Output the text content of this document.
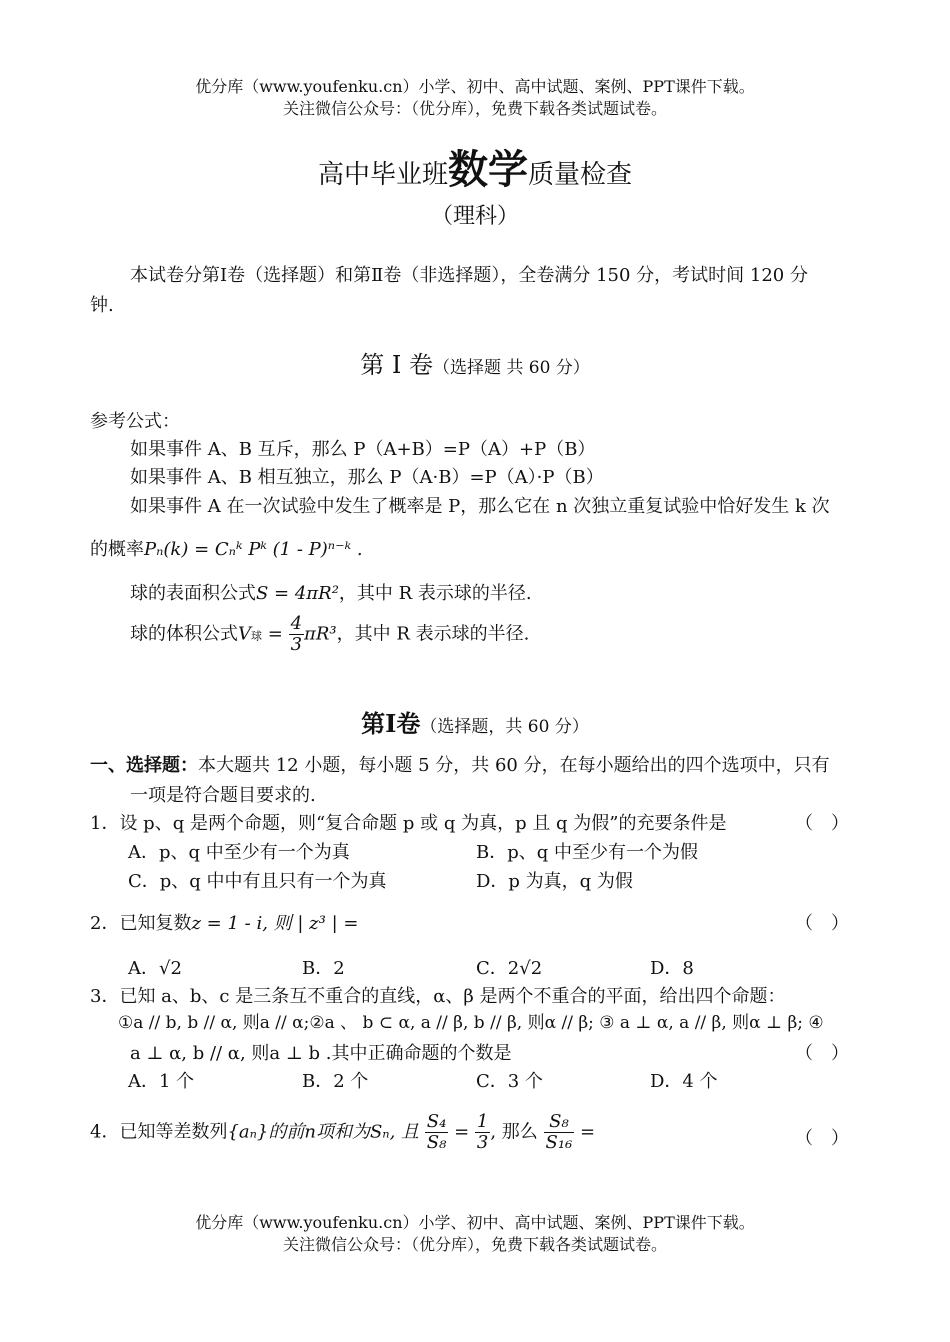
优分库（www.youfenku.cn）小学、初中、高中试题、案例、PPT课件下载。
关注微信公众号：（优分库），免费下载各类试题试卷。
高中毕业班数学质量检查
（理科）
本试卷分第Ⅰ卷（选择题）和第Ⅱ卷（非选择题），全卷满分 150 分，考试时间 120 分
钟.
第 Ⅰ 卷（选择题 共 60 分）
参考公式：
如果事件 A、B 互斥，那么 P（A+B）=P（A）+P（B）
如果事件 A、B 相互独立，那么 P（A·B）=P（A）·P（B）
如果事件 A 在一次试验中发生了概率是 P，那么它在 n 次独立重复试验中恰好发生 k 次
的概率Pₙ(k) = Cₙᵏ Pᵏ (1 - P)ⁿ⁻ᵏ .
球的表面积公式S = 4πR²，其中 R 表示球的半径.
球的体积公式V球 = $\frac{4}{3} \pi R^3$，其中 R 表示球的半径.
第Ⅰ卷（选择题，共 60 分）
一、选择题：本大题共 12 小题，每小题 5 分，共 60 分，在每小题给出的四个选项中，只有
一项是符合题目要求的.
1．设 p、q 是两个命题，则“复合命题 p 或 q 为真，p 且 q 为假”的充要条件是	（　）
A．p、q 中至少有一个为真	B．p、q 中至少有一个为假
C．p、q 中中有且只有一个为真	D．p 为真，q 为假
2．已知复数z = 1 - i, 则 | z³ | =	（　）
A．√2	B．2	C．2√2	D．8
3．已知 a、b、c 是三条互不重合的直线，α、β 是两个不重合的平面，给出四个命题：
①a // b, b // α, 则a // α;②a 、 b ⊂ α, a // β, b // β, 则α // β; ③ a ⊥ α, a // β, 则α ⊥ β; ④
a ⊥ α, b // α, 则a ⊥ b .其中正确命题的个数是	（　）
A．1 个	B．2 个	C．3 个	D．4 个
4．已知等差数列{aₙ}的前n项和为Sₙ, 且 $\frac{\text{S₄}}{\text{S₈}} = \frac{1}{3}$ , 那么 $\frac{\text{S₈}}{\text{S₁₆}}$ =	（　）
优分库（www.youfenku.cn）小学、初中、高中试题、案例、PPT课件下载。
关注微信公众号：（优分库），免费下载各类试题试卷。
